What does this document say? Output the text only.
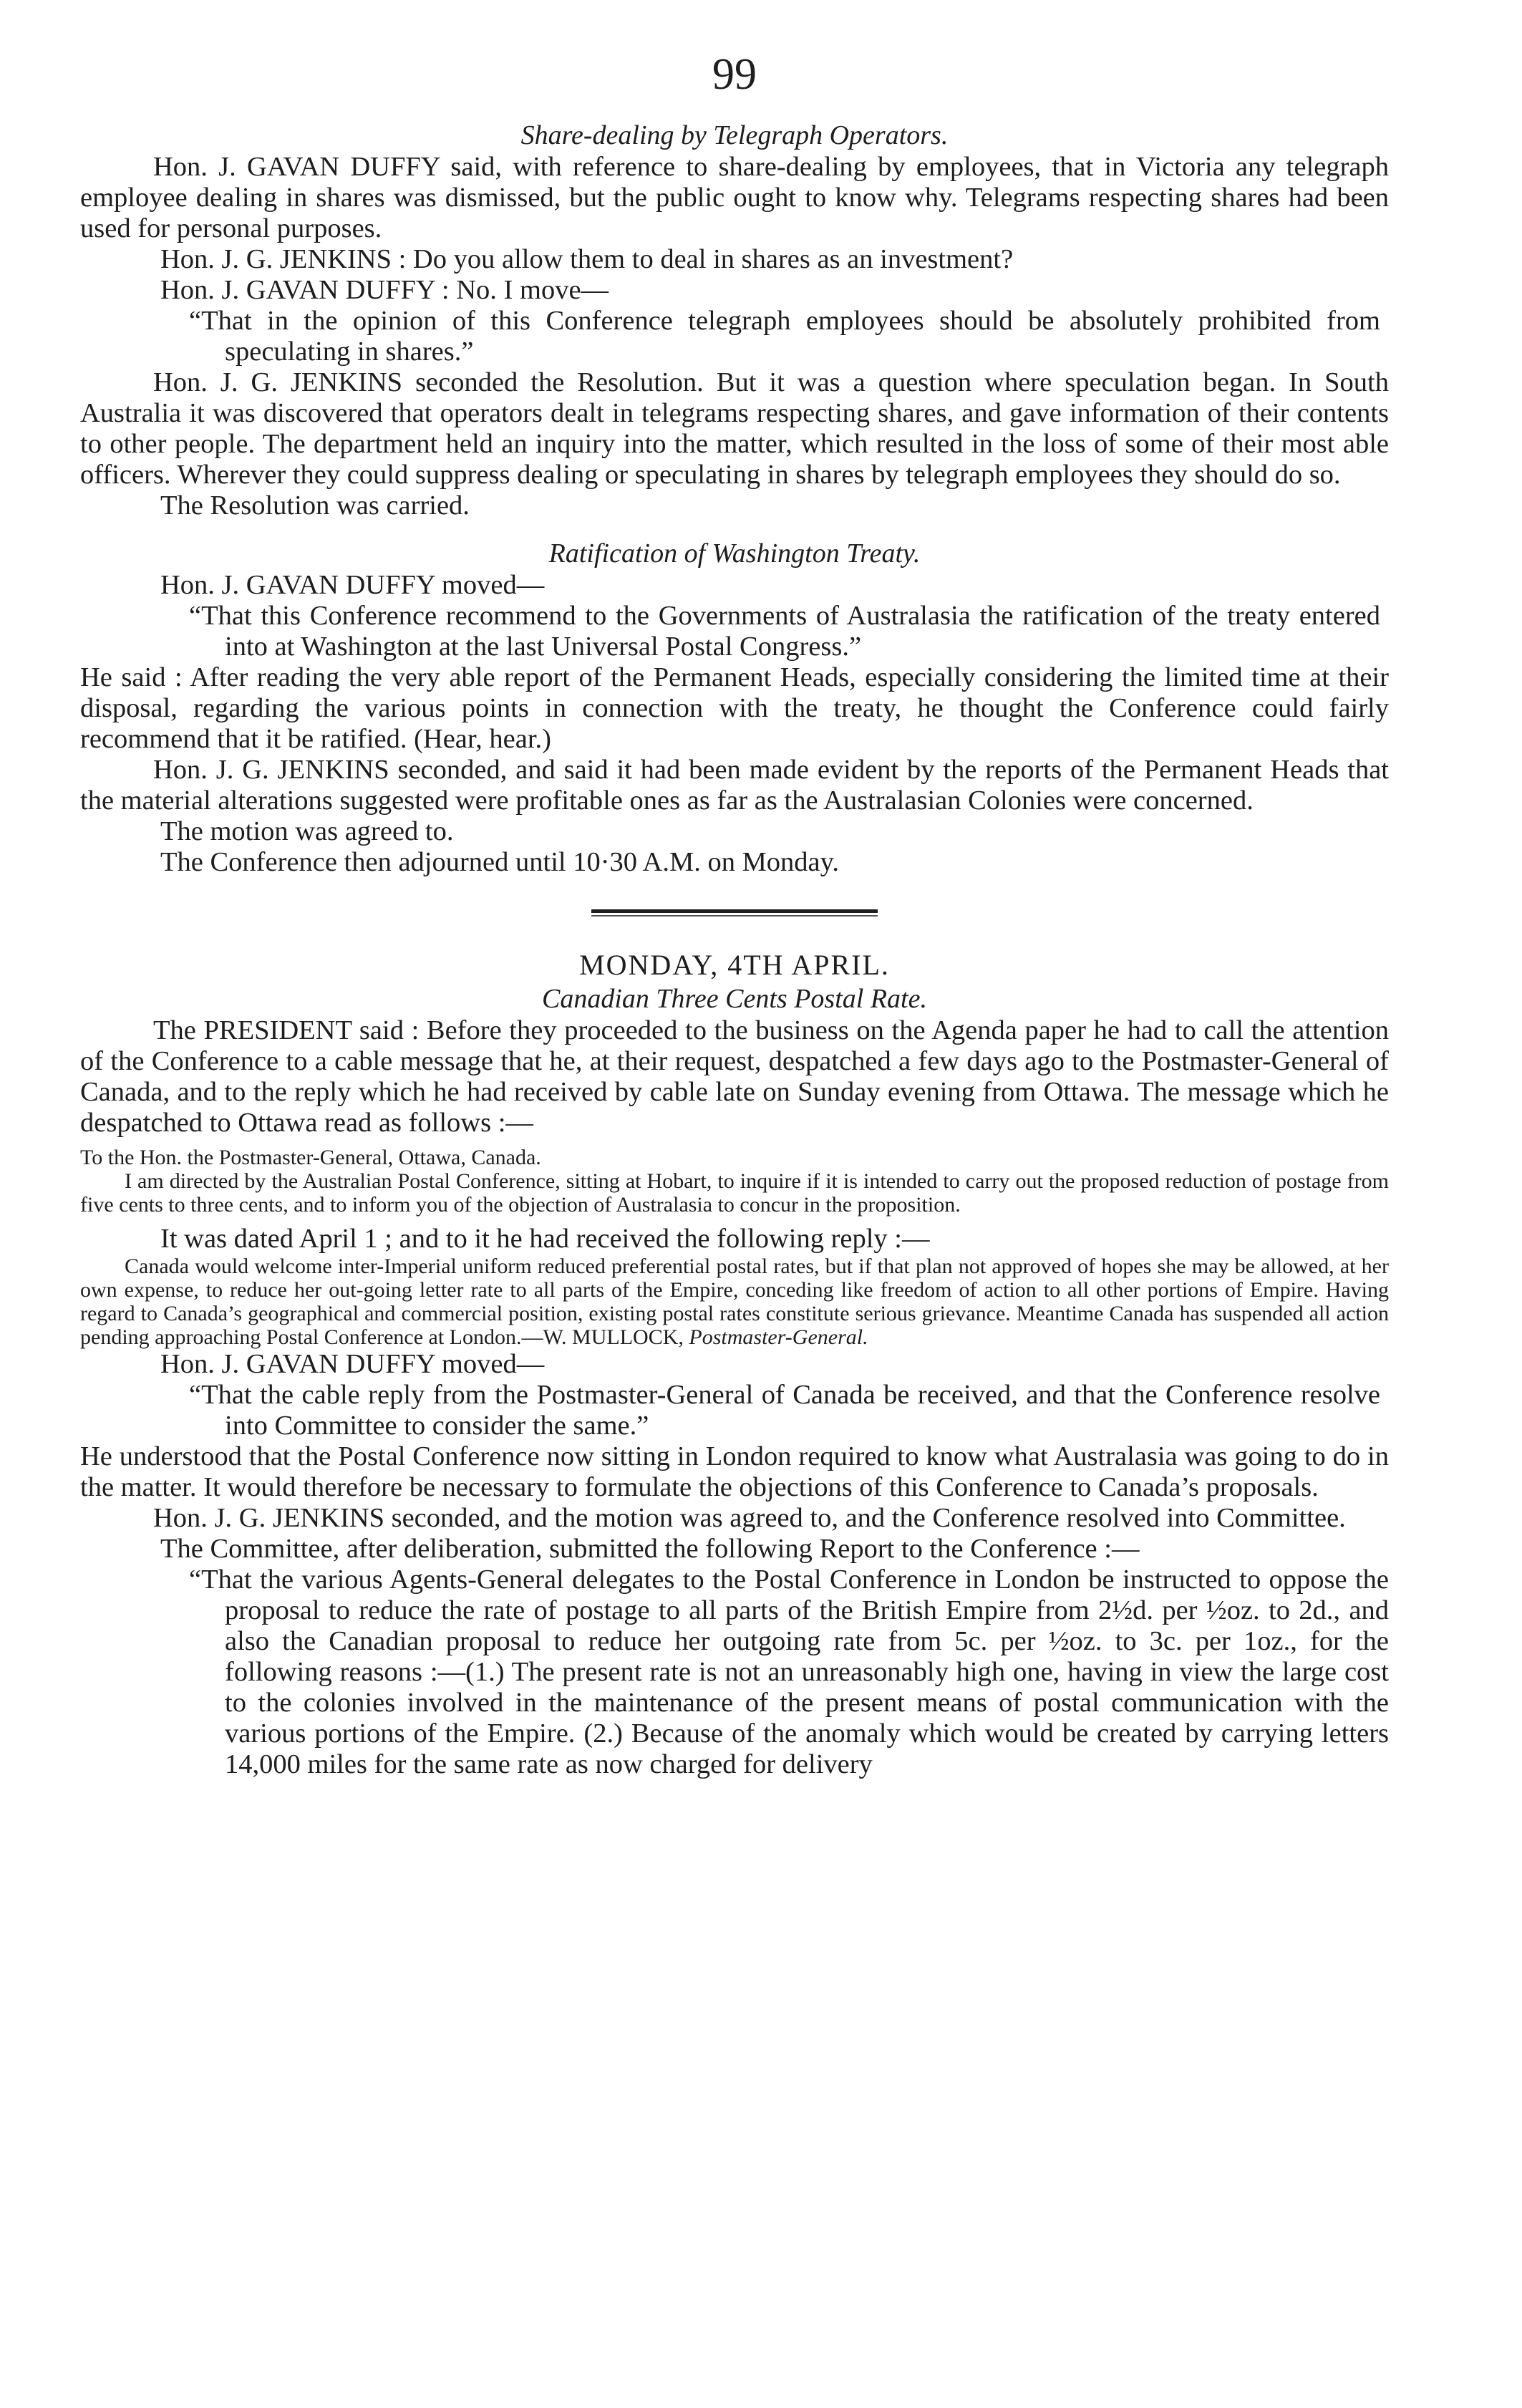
99

Share-dealing by Telegraph Operators.

Hon. J. GAVAN DUFFY said, with reference to share-dealing by employees, that in Victoria any telegraph employee dealing in shares was dismissed, but the public ought to know why. Telegrams respecting shares had been used for personal purposes.

Hon. J. G. JENKINS : Do you allow them to deal in shares as an investment?

Hon. J. GAVAN DUFFY : No. I move—

“That in the opinion of this Conference telegraph employees should be absolutely prohibited from speculating in shares.”

Hon. J. G. JENKINS seconded the Resolution. But it was a question where speculation began. In South Australia it was discovered that operators dealt in telegrams respecting shares, and gave information of their contents to other people. The department held an inquiry into the matter, which resulted in the loss of some of their most able officers. Wherever they could suppress dealing or speculating in shares by telegraph employees they should do so.

The Resolution was carried.

Ratification of Washington Treaty.

Hon. J. GAVAN DUFFY moved—

“That this Conference recommend to the Governments of Australasia the ratification of the treaty entered into at Washington at the last Universal Postal Congress.”

He said : After reading the very able report of the Permanent Heads, especially considering the limited time at their disposal, regarding the various points in connection with the treaty, he thought the Conference could fairly recommend that it be ratified. (Hear, hear.)

Hon. J. G. JENKINS seconded, and said it had been made evident by the reports of the Permanent Heads that the material alterations suggested were profitable ones as far as the Australasian Colonies were concerned.

The motion was agreed to.

The Conference then adjourned until 10·30 A.M. on Monday.

MONDAY, 4TH APRIL.

Canadian Three Cents Postal Rate.

The PRESIDENT said : Before they proceeded to the business on the Agenda paper he had to call the attention of the Conference to a cable message that he, at their request, despatched a few days ago to the Postmaster-General of Canada, and to the reply which he had received by cable late on Sunday evening from Ottawa. The message which he despatched to Ottawa read as follows :—

To the Hon. the Postmaster-General, Ottawa, Canada.

I am directed by the Australian Postal Conference, sitting at Hobart, to inquire if it is intended to carry out the proposed reduction of postage from five cents to three cents, and to inform you of the objection of Australasia to concur in the proposition.

It was dated April 1 ; and to it he had received the following reply :—

Canada would welcome inter-Imperial uniform reduced preferential postal rates, but if that plan not approved of hopes she may be allowed, at her own expense, to reduce her out-going letter rate to all parts of the Empire, conceding like freedom of action to all other portions of Empire. Having regard to Canada’s geographical and commercial position, existing postal rates constitute serious grievance. Meantime Canada has suspended all action pending approaching Postal Conference at London.—W. MULLOCK, Postmaster-General.

Hon. J. GAVAN DUFFY moved—

“That the cable reply from the Postmaster-General of Canada be received, and that the Conference resolve into Committee to consider the same.”

He understood that the Postal Conference now sitting in London required to know what Australasia was going to do in the matter. It would therefore be necessary to formulate the objections of this Conference to Canada’s proposals.

Hon. J. G. JENKINS seconded, and the motion was agreed to, and the Conference resolved into Committee.

The Committee, after deliberation, submitted the following Report to the Conference :—

“That the various Agents-General delegates to the Postal Conference in London be instructed to oppose the proposal to reduce the rate of postage to all parts of the British Empire from 2½d. per ½oz. to 2d., and also the Canadian proposal to reduce her outgoing rate from 5c. per ½oz. to 3c. per 1oz., for the following reasons :—(1.) The present rate is not an unreasonably high one, having in view the large cost to the colonies involved in the maintenance of the present means of postal communication with the various portions of the Empire. (2.) Because of the anomaly which would be created by carrying letters 14,000 miles for the same rate as now charged for delivery
